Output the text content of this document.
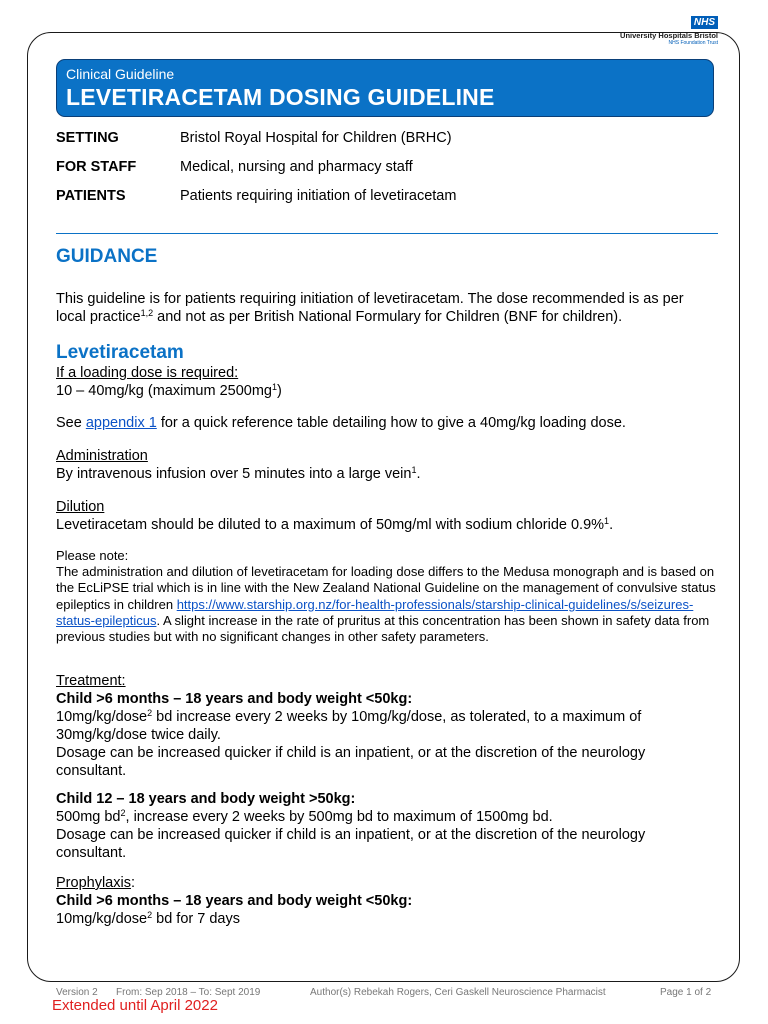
NHS
University Hospitals Bristol
NHS Foundation Trust
Clinical Guideline
LEVETIRACETAM DOSING GUIDELINE
SETTING	Bristol Royal Hospital for Children (BRHC)
FOR STAFF	Medical, nursing and pharmacy staff
PATIENTS	Patients requiring initiation of levetiracetam
GUIDANCE
This guideline is for patients requiring initiation of levetiracetam. The dose recommended is as per local practice$^{1,2}$ and not as per British National Formulary for Children (BNF for children).
Levetiracetam
If a loading dose is required:
10 – 40mg/kg (maximum $2500mg^1$)
See appendix 1 for a quick reference table detailing how to give a 40mg/kg loading dose.
Administration
By intravenous infusion over 5 minutes into a large vein$^1$.
Dilution
Levetiracetam should be diluted to a maximum of 50mg/ml with sodium chloride 0.9%$^1$.
Please note:
The administration and dilution of levetiracetam for loading dose differs to the Medusa monograph and is based on the EcLiPSE trial which is in line with the New Zealand National Guideline on the management of convulsive status epileptics in children https://www.starship.org.nz/for-health-professionals/starship-clinical-guidelines/s/seizures-status-epilepticus. A slight increase in the rate of pruritus at this concentration has been shown in safety data from previous studies but with no significant changes in other safety parameters.
Treatment:
Child >6 months – 18 years and body weight <50kg:
10mg/kg/dose$^2$ bd increase every 2 weeks by 10mg/kg/dose, as tolerated, to a maximum of 30mg/kg/dose twice daily.
Dosage can be increased quicker if child is an inpatient, or at the discretion of the neurology consultant.
Child 12 – 18 years and body weight >50kg:
500mg $bd^2$, increase every 2 weeks by 500mg bd to maximum of 1500mg bd.
Dosage can be increased quicker if child is an inpatient, or at the discretion of the neurology consultant.
Prophylaxis:
Child >6 months – 18 years and body weight <50kg:
10mg/kg/dose$^2$ bd for 7 days
Version 2 From: Sep 2018 – To: Sept 2019	Author(s) Rebekah Rogers, Ceri Gaskell Neuroscience Pharmacist	Page 1 of 2
Extended until April 2022
